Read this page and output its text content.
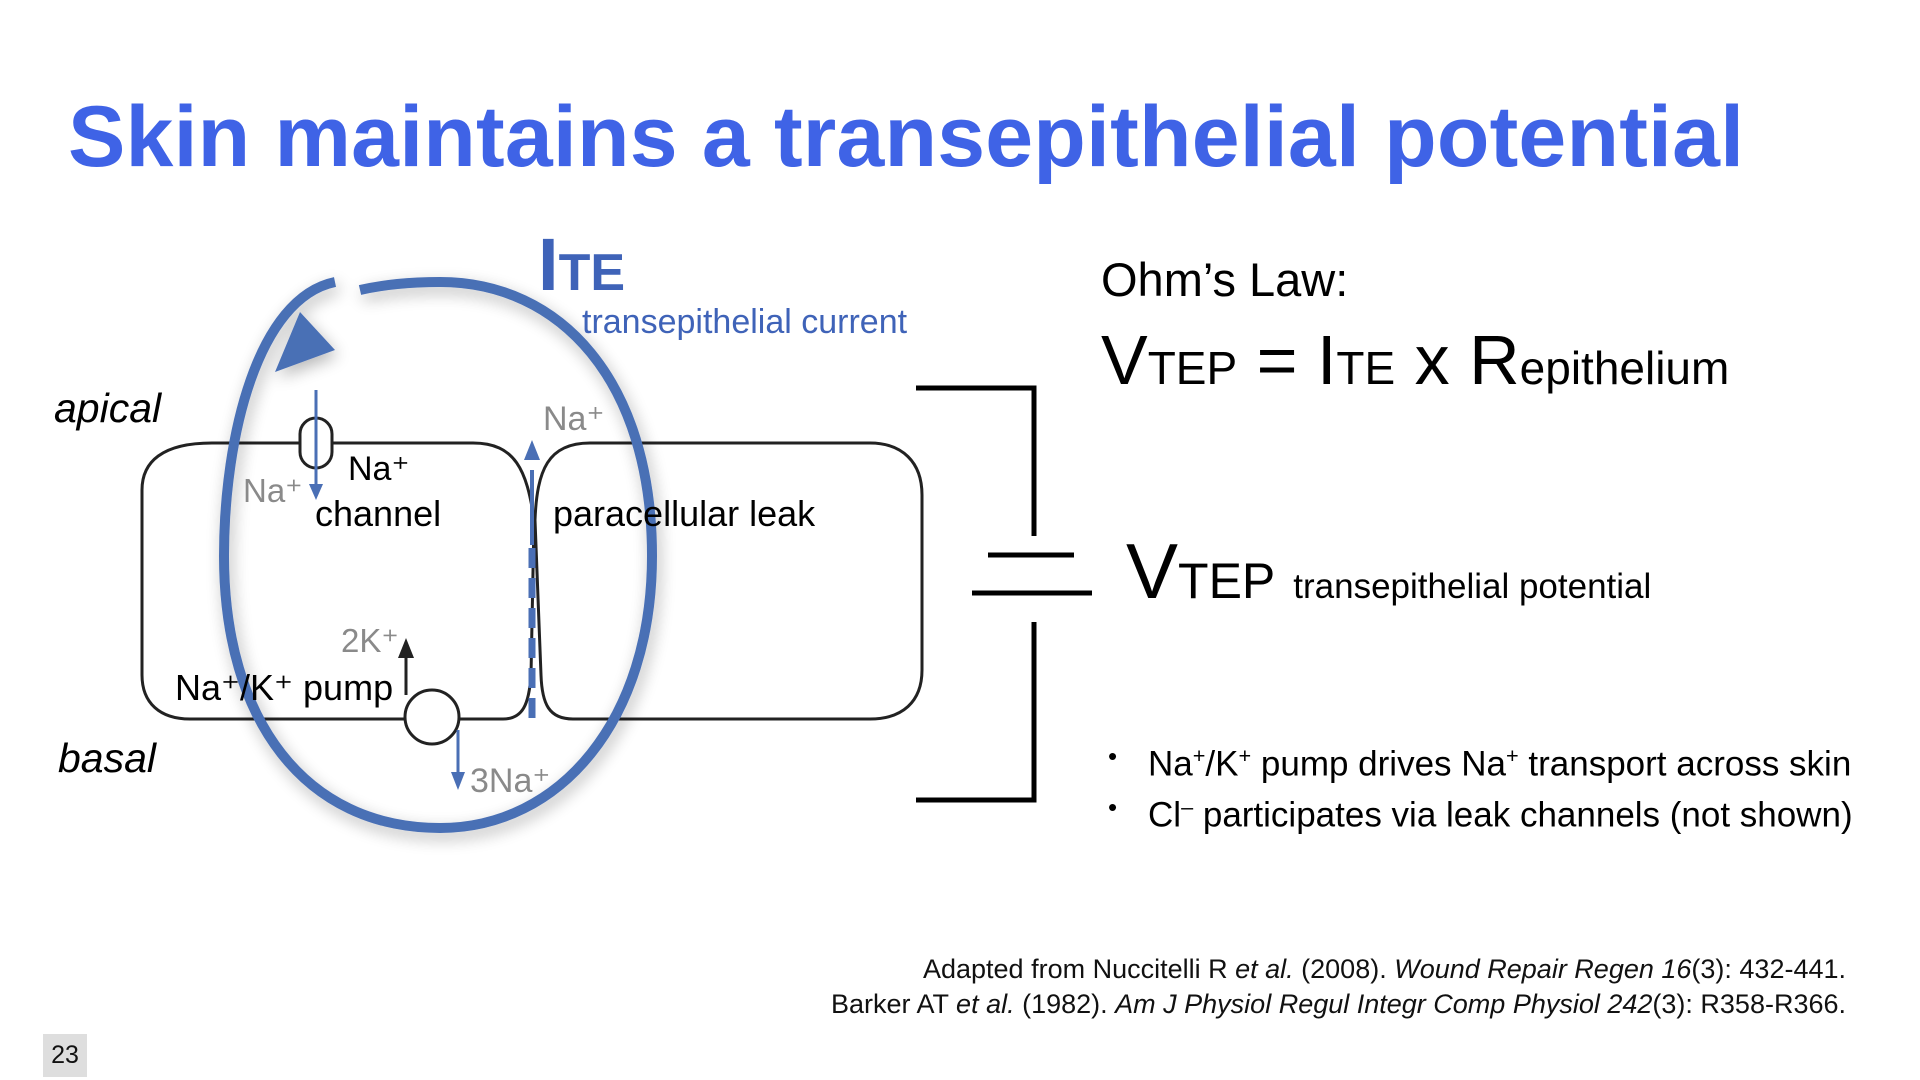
Skin maintains a transepithelial potential
ITE
transepithelial current
apical
basal
Na⁺
Na⁺
channel
Na⁺
paracellular leak
2K⁺
Na⁺/K⁺ pump
3Na⁺
Ohm’s Law:
VTEP = ITE x Repithelium
VTEP transepithelial potential
• Na+/K+ pump drives Na+ transport across skin
• Cl– participates via leak channels (not shown)
Adapted from Nuccitelli R et al. (2008). Wound Repair Regen 16(3): 432-441.
Barker AT et al. (1982). Am J Physiol Regul Integr Comp Physiol 242(3): R358-R366.
23
